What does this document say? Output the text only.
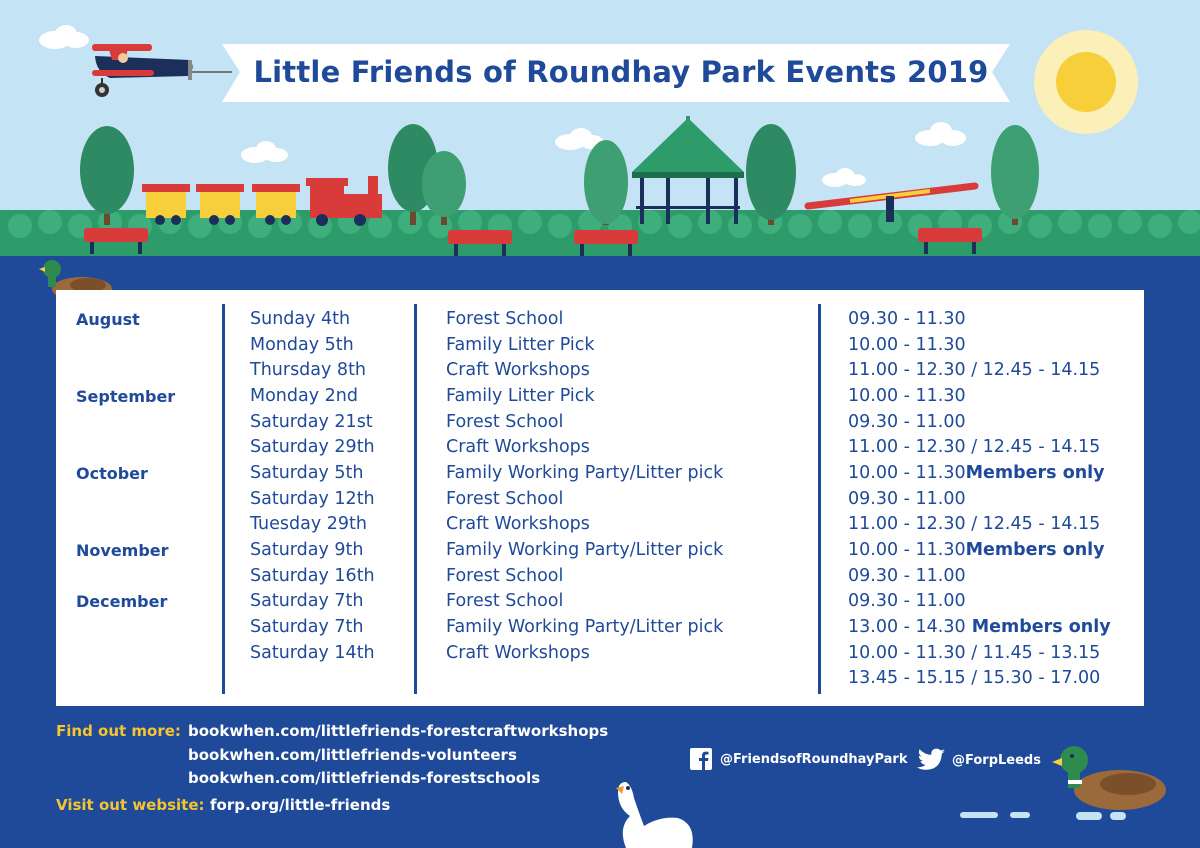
Little Friends of Roundhay Park Events 2019
August	Sunday 4th	Forest School	09.30 - 11.30
Monday 5th	Family Litter Pick	10.00 - 11.30
Thursday 8th	Craft Workshops	11.00 - 12.30 / 12.45 - 14.15
September	Monday 2nd	Family Litter Pick	10.00 - 11.30
Saturday 21st	Forest School	09.30 - 11.00
Saturday 29th	Craft Workshops	11.00 - 12.30 / 12.45 - 14.15
October	Saturday 5th	Family Working Party/Litter pick	10.00 - 11.30Members only
Saturday 12th	Forest School	09.30 - 11.00
Tuesday 29th	Craft Workshops	11.00 - 12.30 / 12.45 - 14.15
November	Saturday 9th	Family Working Party/Litter pick	10.00 - 11.30Members only
Saturday 16th	Forest School	09.30 - 11.00
December	Saturday 7th	Forest School	09.30 - 11.00
Saturday 7th	Family Working Party/Litter pick	13.00 - 14.30 Members only
Saturday 14th	Craft Workshops	10.00 - 11.30 / 11.45 - 13.15
13.45 - 15.15 / 15.30 - 17.00
Find out more: bookwhen.com/littlefriends-forestcraftworkshops
bookwhen.com/littlefriends-volunteers
bookwhen.com/littlefriends-forestschools
Visit out website: forp.org/little-friends
@FriendsofRoundhayPark	@ForpLeeds
